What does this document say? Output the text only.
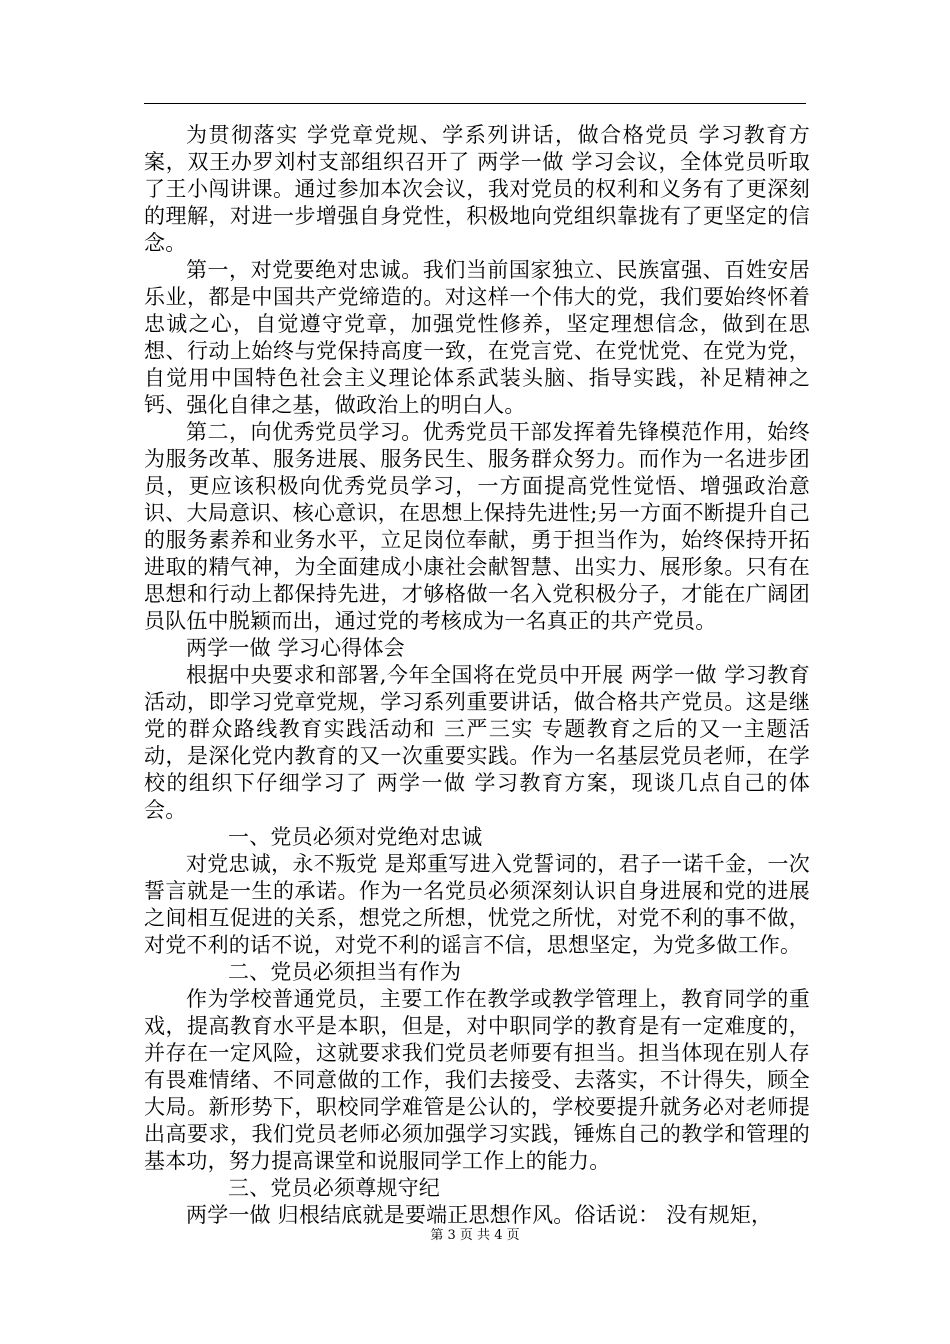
为贯彻落实 学党章党规、学系列讲话，做合格党员 学习教育方案，双王办罗刘村支部组织召开了 两学一做 学习会议，全体党员听取了王小闯讲课。通过参加本次会议，我对党员的权利和义务有了更深刻的理解，对进一步增强自身党性，积极地向党组织靠拢有了更坚定的信念。

第一，对党要绝对忠诚。我们当前国家独立、民族富强、百姓安居乐业，都是中国共产党缔造的。对这样一个伟大的党，我们要始终怀着忠诚之心，自觉遵守党章，加强党性修养，坚定理想信念，做到在思想、行动上始终与党保持高度一致，在党言党、在党忧党、在党为党，自觉用中国特色社会主义理论体系武装头脑、指导实践，补足精神之钙、强化自律之基，做政治上的明白人。

第二，向优秀党员学习。优秀党员干部发挥着先锋模范作用，始终为服务改革、服务进展、服务民生、服务群众努力。而作为一名进步团员，更应该积极向优秀党员学习，一方面提高党性觉悟、增强政治意识、大局意识、核心意识，在思想上保持先进性;另一方面不断提升自己的服务素养和业务水平，立足岗位奉献，勇于担当作为，始终保持开拓进取的精气神，为全面建成小康社会献智慧、出实力、展形象。只有在思想和行动上都保持先进，才够格做一名入党积极分子，才能在广阔团员队伍中脱颖而出，通过党的考核成为一名真正的共产党员。

两学一做 学习心得体会

根据中央要求和部署,今年全国将在党员中开展 两学一做 学习教育活动，即学习党章党规，学习系列重要讲话，做合格共产党员。这是继党的群众路线教育实践活动和 三严三实 专题教育之后的又一主题活动，是深化党内教育的又一次重要实践。作为一名基层党员老师，在学校的组织下仔细学习了 两学一做 学习教育方案，现谈几点自己的体会。

一、党员必须对党绝对忠诚

对党忠诚，永不叛党 是郑重写进入党誓词的，君子一诺千金，一次誓言就是一生的承诺。作为一名党员必须深刻认识自身进展和党的进展之间相互促进的关系，想党之所想，忧党之所忧，对党不利的事不做，对党不利的话不说，对党不利的谣言不信，思想坚定，为党多做工作。

二、党员必须担当有作为

作为学校普通党员，主要工作在教学或教学管理上，教育同学的重戏，提高教育水平是本职，但是，对中职同学的教育是有一定难度的，并存在一定风险，这就要求我们党员老师要有担当。担当体现在别人存有畏难情绪、不同意做的工作，我们去接受、去落实，不计得失，顾全大局。新形势下，职校同学难管是公认的，学校要提升就务必对老师提出高要求，我们党员老师必须加强学习实践，锤炼自己的教学和管理的基本功，努力提高课堂和说服同学工作上的能力。

三、党员必须尊规守纪

两学一做 归根结底就是要端正思想作风。俗话说： 没有规矩，

第 3 页 共 4 页
